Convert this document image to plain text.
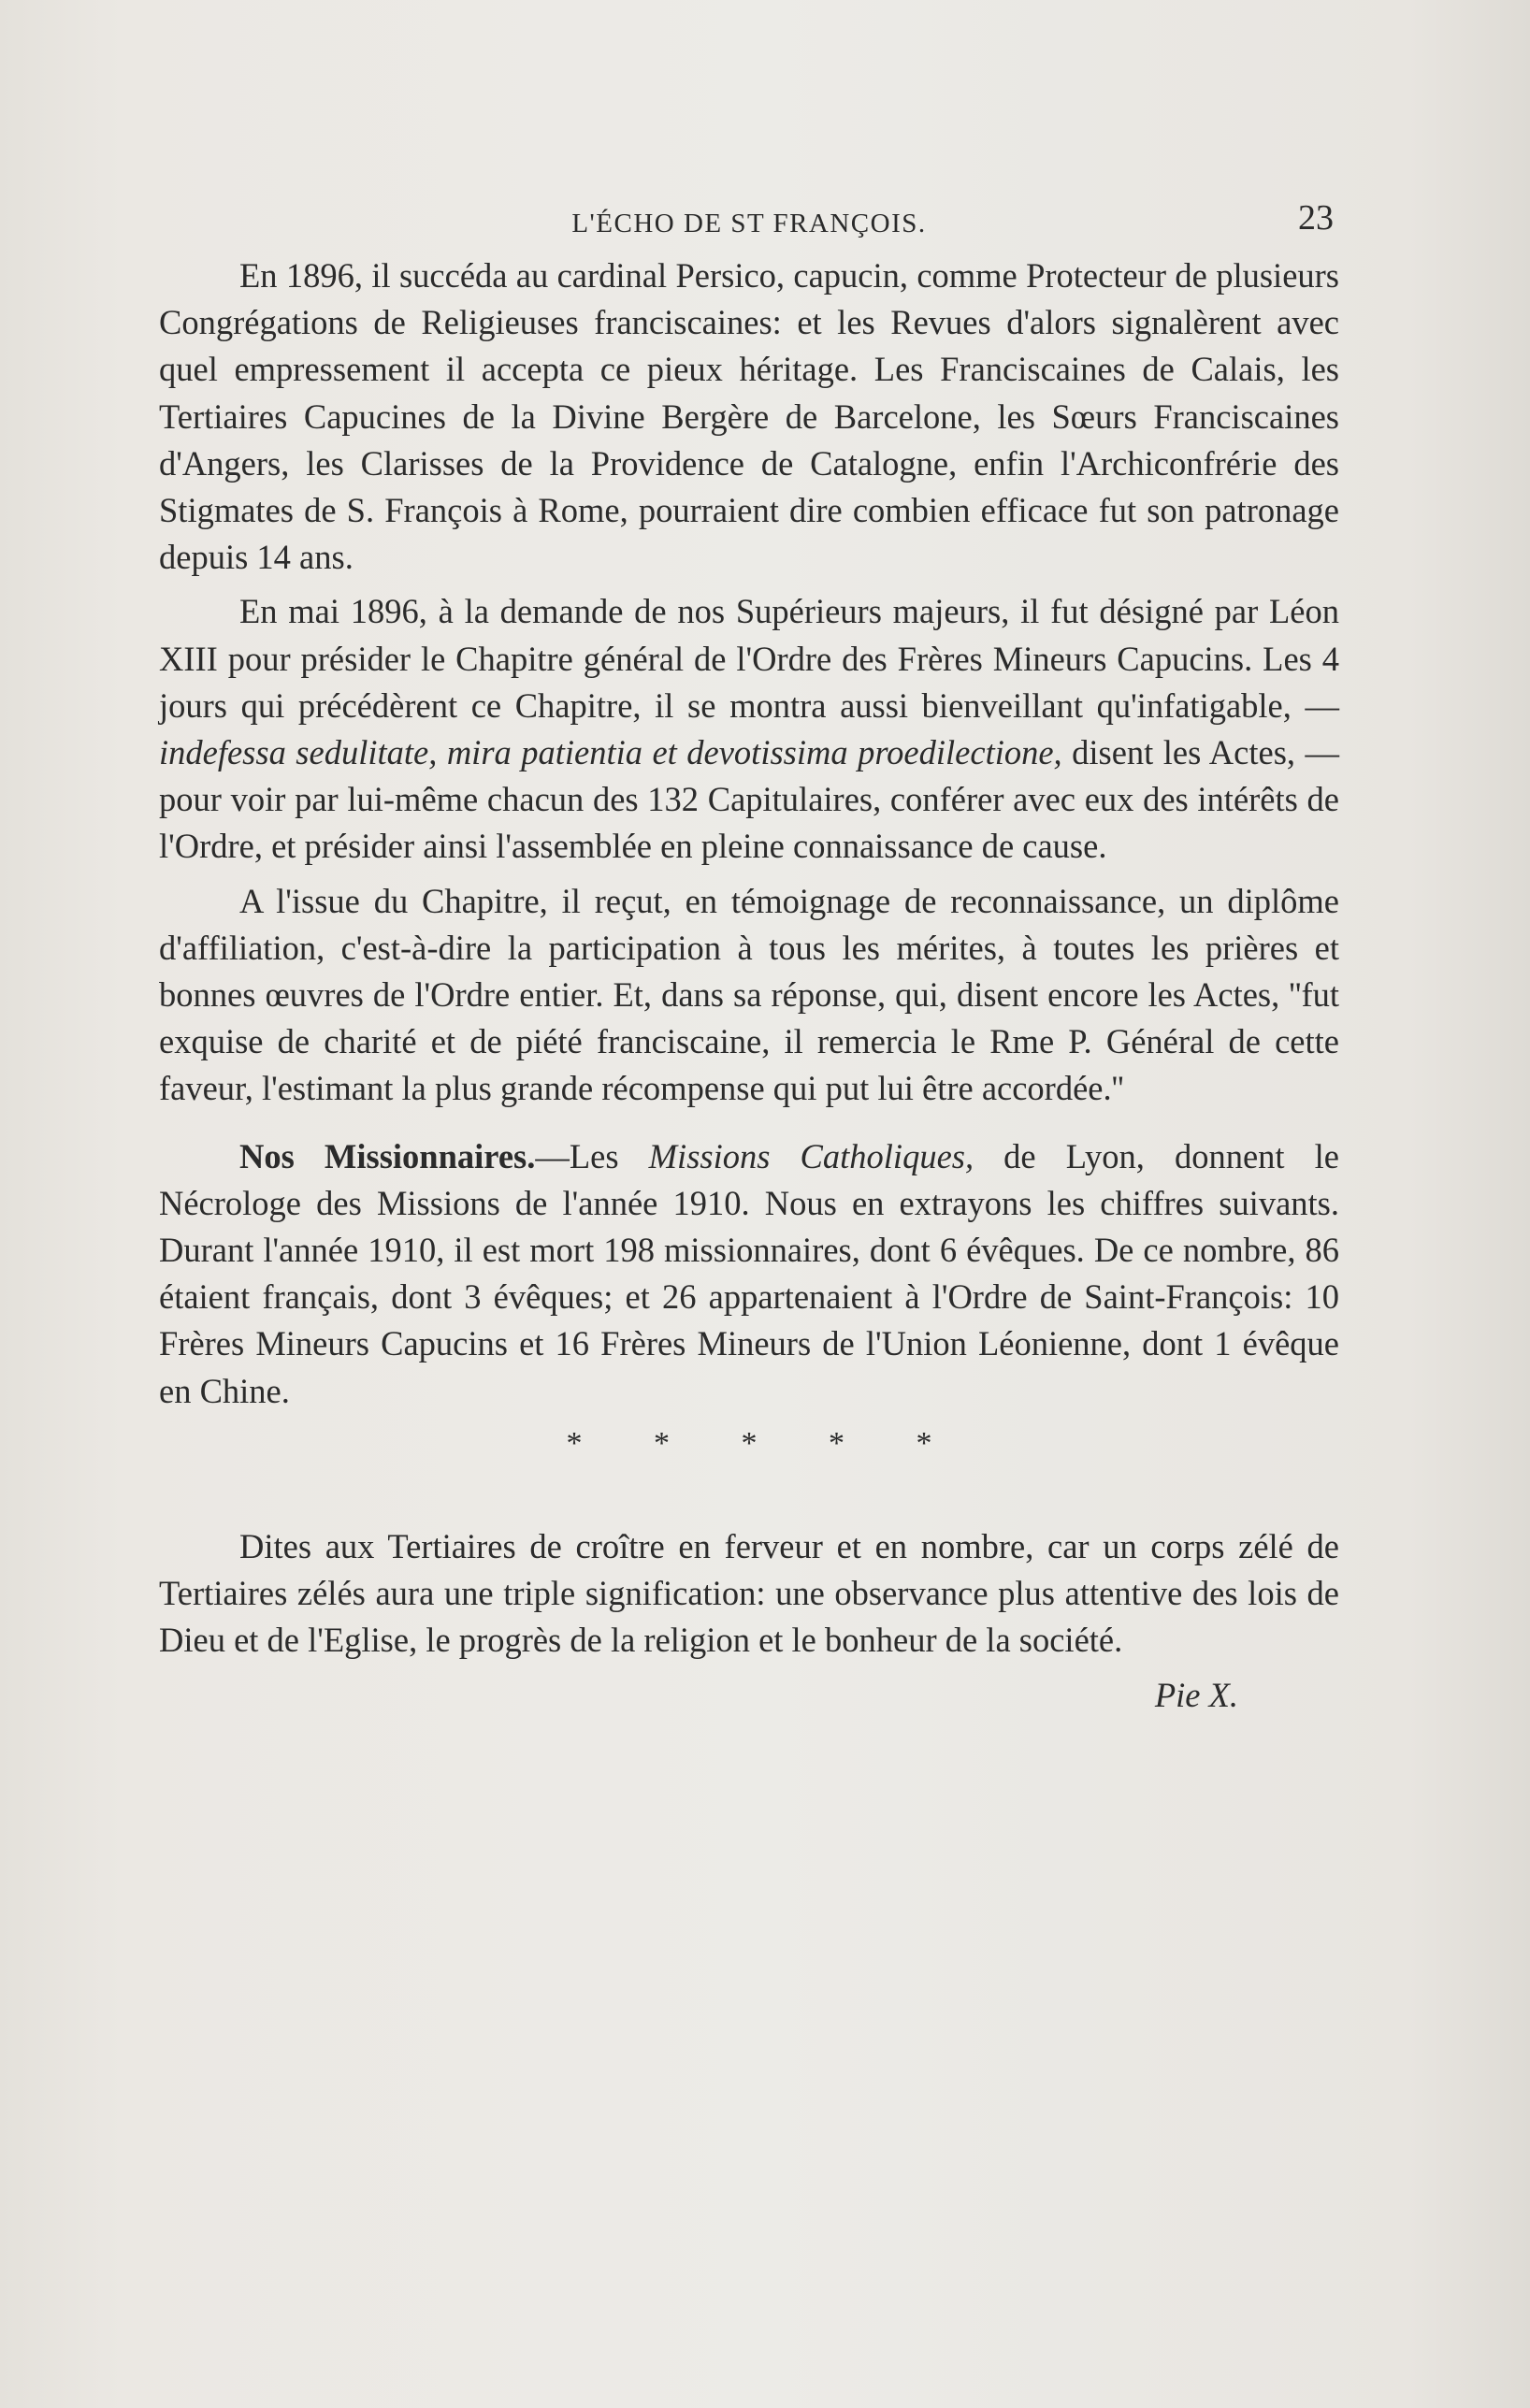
L'ÉCHO DE ST FRANÇOIS.	23

En 1896, il succéda au cardinal Persico, capucin, comme Protecteur de plusieurs Congrégations de Religieuses franciscaines: et les Revues d'alors signalèrent avec quel empressement il accepta ce pieux héritage. Les Franciscaines de Calais, les Tertiaires Capucines de la Divine Bergère de Barcelone, les Sœurs Franciscaines d'Angers, les Clarisses de la Providence de Catalogne, enfin l'Archiconfrérie des Stigmates de S. François à Rome, pourraient dire combien efficace fut son patronage depuis 14 ans.

En mai 1896, à la demande de nos Supérieurs majeurs, il fut désigné par Léon XIII pour présider le Chapitre général de l'Ordre des Frères Mineurs Capucins. Les 4 jours qui précédèrent ce Chapitre, il se montra aussi bienveillant qu'infatigable, — indefessa sedulitate, mira patientia et devotissima proedilectione, disent les Actes, — pour voir par lui-même chacun des 132 Capitulaires, conférer avec eux des intérêts de l'Ordre, et présider ainsi l'assemblée en pleine connaissance de cause.

A l'issue du Chapitre, il reçut, en témoignage de reconnaissance, un diplôme d'affiliation, c'est-à-dire la participation à tous les mérites, à toutes les prières et bonnes œuvres de l'Ordre entier. Et, dans sa réponse, qui, disent encore les Actes, ''fut exquise de charité et de piété franciscaine, il remercia le Rme P. Général de cette faveur, l'estimant la plus grande récompense qui put lui être accordée.''

Nos Missionnaires.—Les Missions Catholiques, de Lyon, donnent le Nécrologe des Missions de l'année 1910. Nous en extrayons les chiffres suivants. Durant l'année 1910, il est mort 198 missionnaires, dont 6 évêques. De ce nombre, 86 étaient français, dont 3 évêques; et 26 appartenaient à l'Ordre de Saint-François: 10 Frères Mineurs Capucins et 16 Frères Mineurs de l'Union Léonienne, dont 1 évêque en Chine.

* * * * *

Dites aux Tertiaires de croître en ferveur et en nombre, car un corps zélé de Tertiaires zélés aura une triple signification: une observance plus attentive des lois de Dieu et de l'Eglise, le progrès de la religion et le bonheur de la société.

Pie X.
